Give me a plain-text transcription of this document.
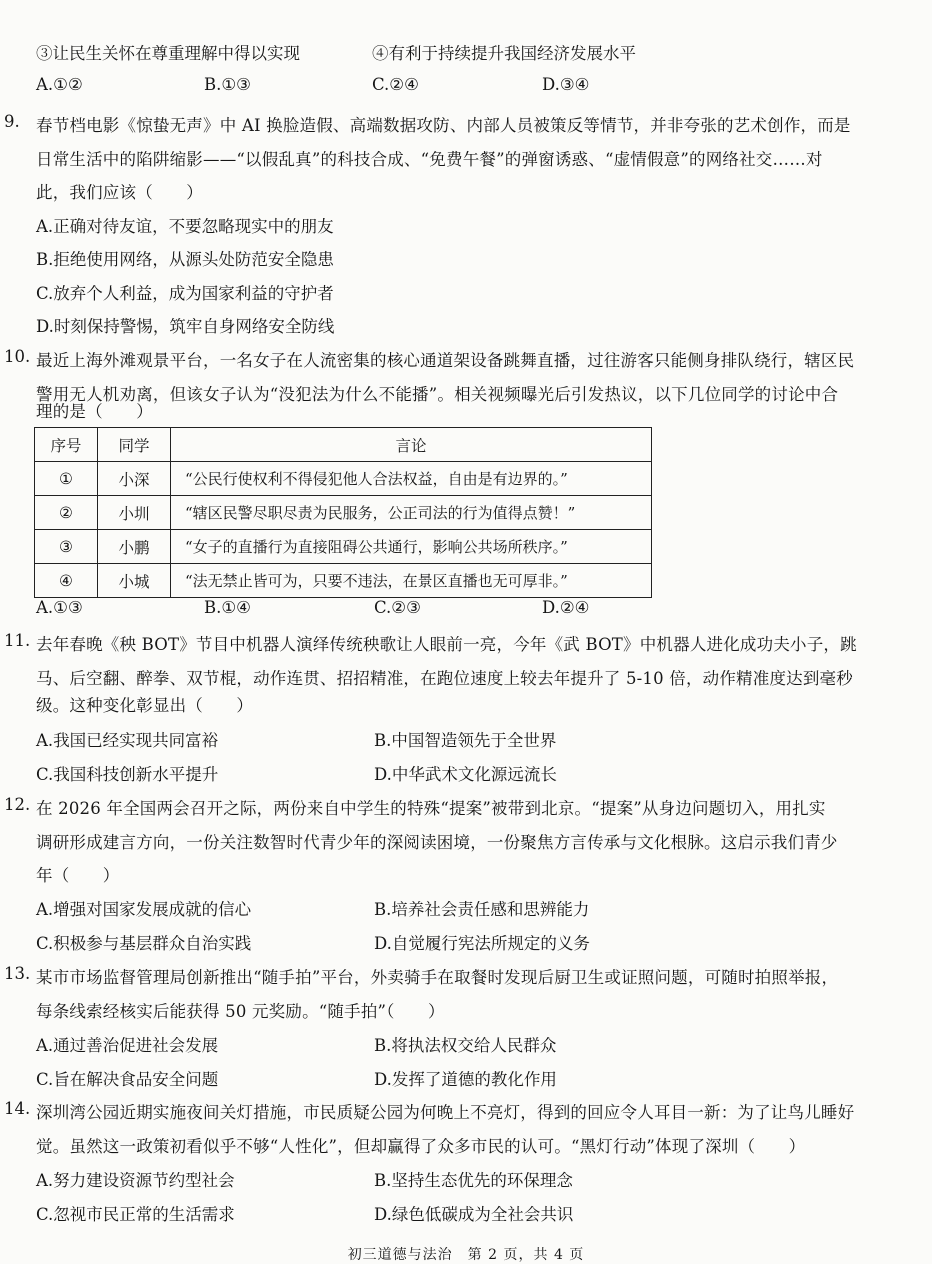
③让民生关怀在尊重理解中得以实现	④有利于持续提升我国经济发展水平
A.①②	B.①③	C.②④	D.③④
9. 春节档电影《惊蛰无声》中 AI 换脸造假、高端数据攻防、内部人员被策反等情节，并非夸张的艺术创作，而是
日常生活中的陷阱缩影——“以假乱真”的科技合成、“免费午餐”的弹窗诱惑、“虚情假意”的网络社交……对
此，我们应该（　　）
A.正确对待友谊，不要忽略现实中的朋友
B.拒绝使用网络，从源头处防范安全隐患
C.放弃个人利益，成为国家利益的守护者
D.时刻保持警惕，筑牢自身网络安全防线
10. 最近上海外滩观景平台，一名女子在人流密集的核心通道架设备跳舞直播，过往游客只能侧身排队绕行，辖区民
警用无人机劝离，但该女子认为“没犯法为什么不能播”。相关视频曝光后引发热议，以下几位同学的讨论中合
理的是（　　）
序号	同学	言论
①	小深	“公民行使权利不得侵犯他人合法权益，自由是有边界的。”
②	小圳	“辖区民警尽职尽责为民服务，公正司法的行为值得点赞！”
③	小鹏	“女子的直播行为直接阻碍公共通行，影响公共场所秩序。”
④	小城	“法无禁止皆可为，只要不违法，在景区直播也无可厚非。”
A.①③	B.①④	C.②③	D.②④
11. 去年春晚《秧 BOT》节目中机器人演绎传统秧歌让人眼前一亮，今年《武 BOT》中机器人进化成功夫小子，跳
马、后空翻、醉拳、双节棍，动作连贯、招招精准，在跑位速度上较去年提升了 5-10 倍，动作精准度达到毫秒
级。这种变化彰显出（　　）
A.我国已经实现共同富裕	B.中国智造领先于全世界
C.我国科技创新水平提升	D.中华武术文化源远流长
12. 在 2026 年全国两会召开之际，两份来自中学生的特殊“提案”被带到北京。“提案”从身边问题切入，用扎实
调研形成建言方向，一份关注数智时代青少年的深阅读困境，一份聚焦方言传承与文化根脉。这启示我们青少
年（　　）
A.增强对国家发展成就的信心	B.培养社会责任感和思辨能力
C.积极参与基层群众自治实践	D.自觉履行宪法所规定的义务
13. 某市市场监督管理局创新推出“随手拍”平台，外卖骑手在取餐时发现后厨卫生或证照问题，可随时拍照举报，
每条线索经核实后能获得 50 元奖励。“随手拍”（　　）
A.通过善治促进社会发展	B.将执法权交给人民群众
C.旨在解决食品安全问题	D.发挥了道德的教化作用
14. 深圳湾公园近期实施夜间关灯措施，市民质疑公园为何晚上不亮灯，得到的回应令人耳目一新：为了让鸟儿睡好
觉。虽然这一政策初看似乎不够“人性化”，但却赢得了众多市民的认可。“黑灯行动”体现了深圳（　　）
A.努力建设资源节约型社会	B.坚持生态优先的环保理念
C.忽视市民正常的生活需求	D.绿色低碳成为全社会共识
初三道德与法治　第 2 页，共 4 页
